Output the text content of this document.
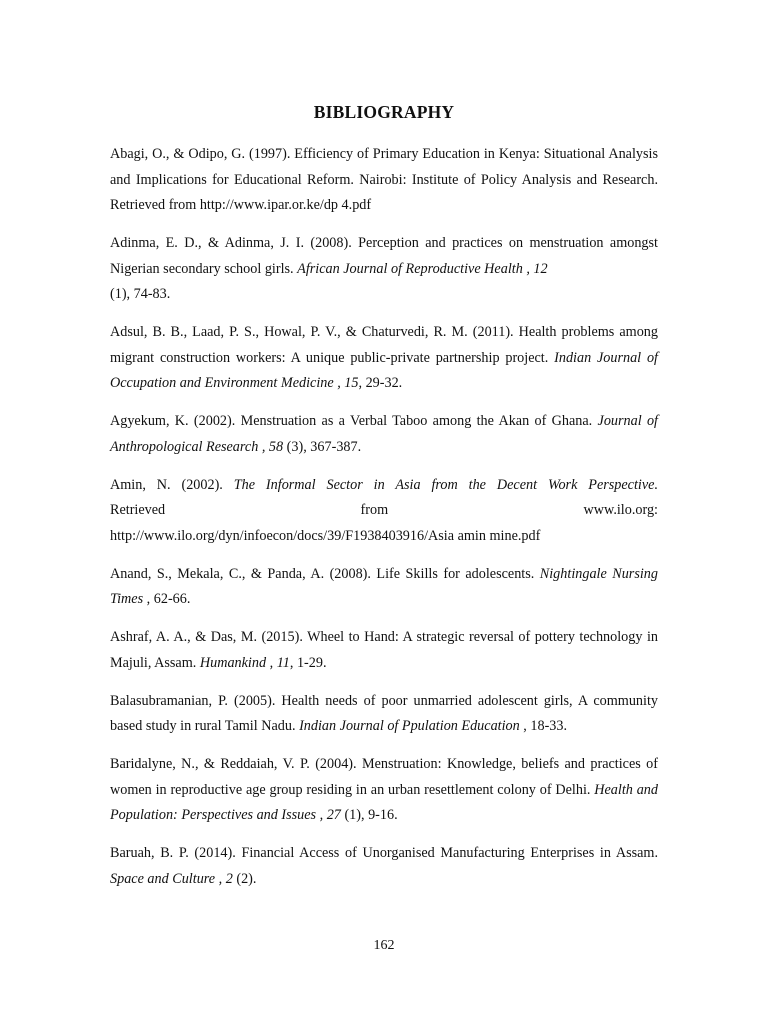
BIBLIOGRAPHY

Abagi, O., & Odipo, G. (1997). Efficiency of Primary Education in Kenya: Situational Analysis and Implications for Educational Reform. Nairobi: Institute of Policy Analysis and Research. Retrieved from http://www.ipar.or.ke/dp 4.pdf

Adinma, E. D., & Adinma, J. I. (2008). Perception and practices on menstruation amongst Nigerian secondary school girls. African Journal of Reproductive Health , 12
(1), 74-83.

Adsul, B. B., Laad, P. S., Howal, P. V., & Chaturvedi, R. M. (2011). Health problems among migrant construction workers: A unique public-private partnership project. Indian Journal of Occupation and Environment Medicine , 15, 29-32.

Agyekum, K. (2002). Menstruation as a Verbal Taboo among the Akan of Ghana. Journal of Anthropological Research , 58 (3), 367-387.

Amin, N. (2002). The Informal Sector in Asia from the Decent Work Perspective.
Retrieved	from	www.ilo.org:
http://www.ilo.org/dyn/infoecon/docs/39/F1938403916/Asia amin mine.pdf

Anand, S., Mekala, C., & Panda, A. (2008). Life Skills for adolescents. Nightingale Nursing Times , 62-66.

Ashraf, A. A., & Das, M. (2015). Wheel to Hand: A strategic reversal of pottery technology in Majuli, Assam. Humankind , 11, 1-29.

Balasubramanian, P. (2005). Health needs of poor unmarried adolescent girls, A community based study in rural Tamil Nadu. Indian Journal of Ppulation Education , 18-33.

Baridalyne, N., & Reddaiah, V. P. (2004). Menstruation: Knowledge, beliefs and practices of women in reproductive age group residing in an urban resettlement colony of Delhi. Health and Population: Perspectives and Issues , 27 (1), 9-16.

Baruah, B. P. (2014). Financial Access of Unorganised Manufacturing Enterprises in Assam. Space and Culture , 2 (2).

162
